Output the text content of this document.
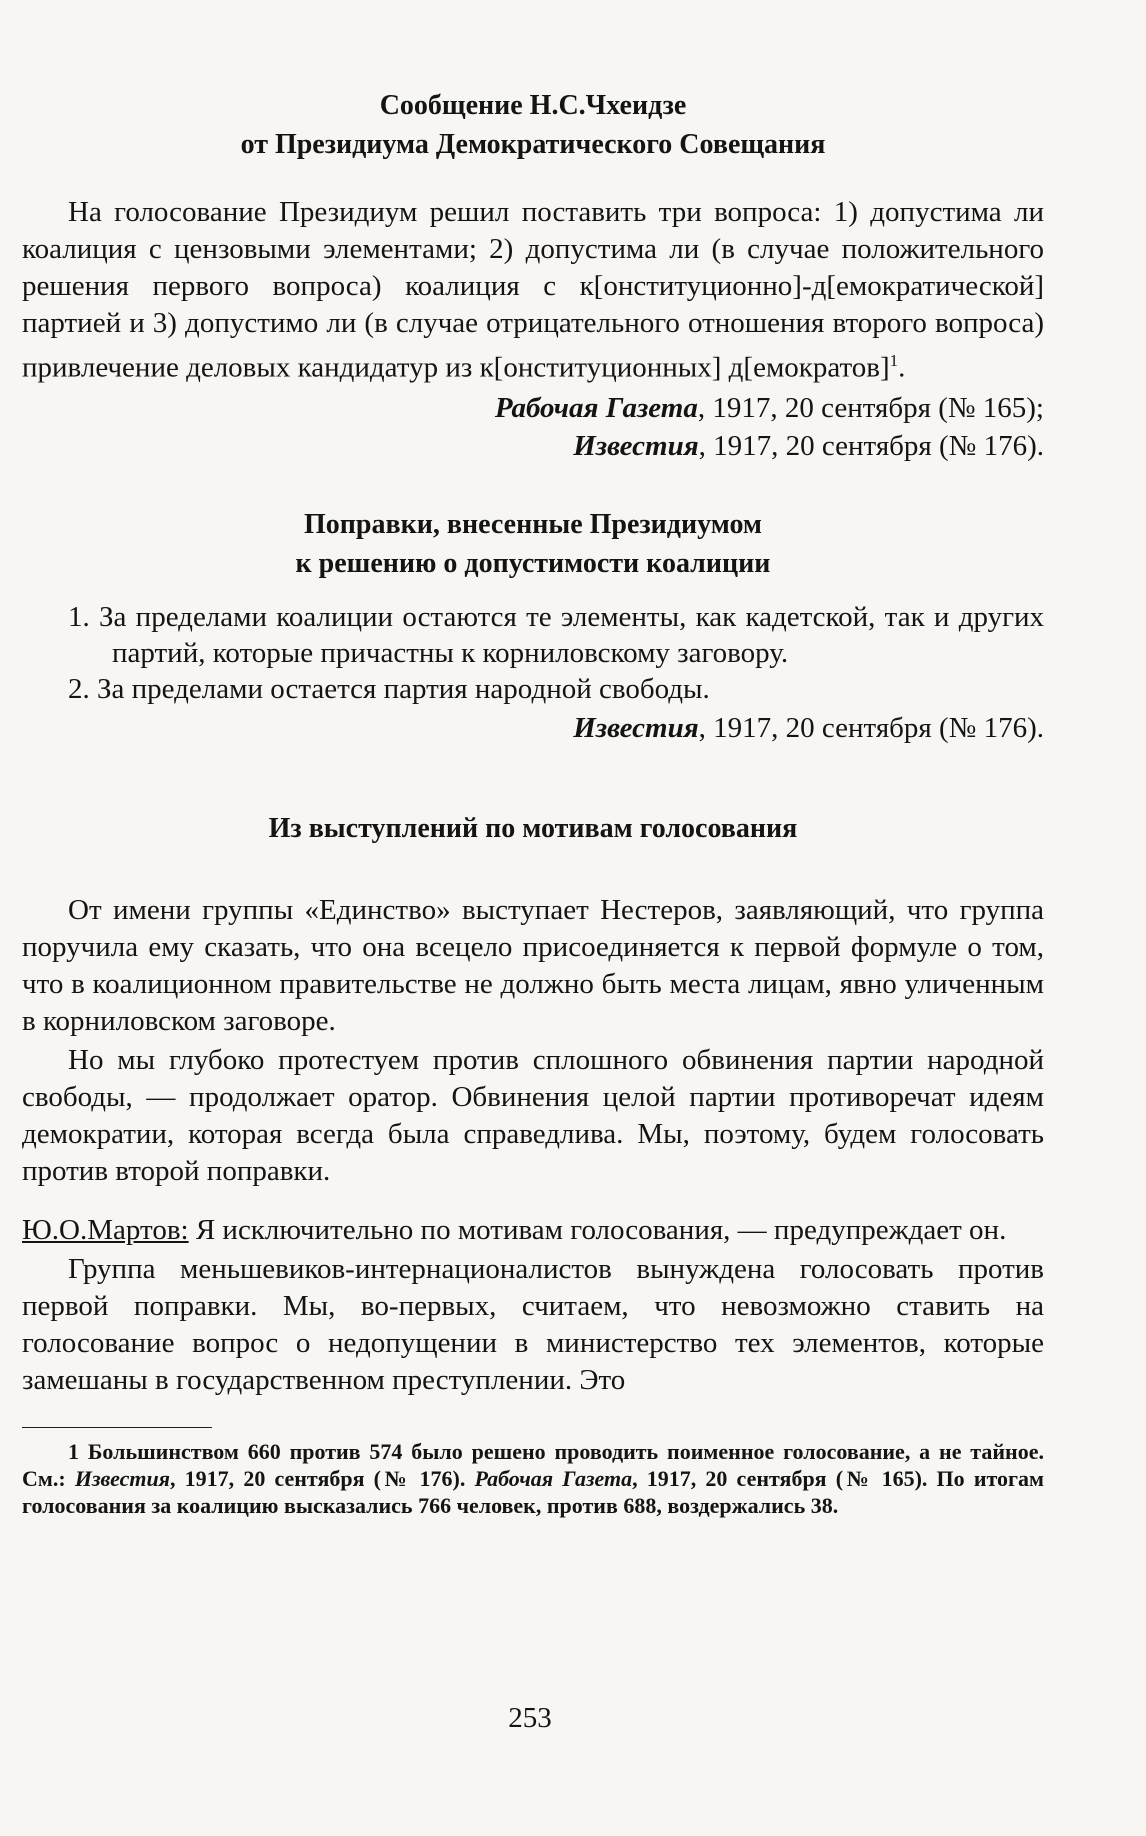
Сообщение Н.С.Чхеидзе
от Президиума Демократического Совещания

На голосование Президиум решил поставить три вопроса: 1) допустима ли коалиция с цензовыми элементами; 2) допустима ли (в случае положительного решения первого вопроса) коалиция с к[онституционно]-д[емократической] партией и 3) допустимо ли (в случае отрицательного отношения второго вопроса) привлечение деловых кандидатур из к[онституционных] д[емократов]$^1$.

Рабочая Газета, 1917, 20 сентября (№ 165);
Известия, 1917, 20 сентября (№ 176).
Поправки, внесенные Президиумом
к решению о допустимости коалиции
1. За пределами коалиции остаются те элементы, как кадетской, так и других партий, которые причастны к корниловскому заговору.
2. За пределами остается партия народной свободы.
Известия, 1917, 20 сентября (№ 176).
Из выступлений по мотивам голосования

От имени группы «Единство» выступает Нестеров, заявляющий, что группа поручила ему сказать, что она всецело присоединяется к первой формуле о том, что в коалиционном правительстве не должно быть места лицам, явно уличенным в корниловском заговоре.

Но мы глубоко протестуем против сплошного обвинения партии народной свободы, — продолжает оратор. Обвинения целой партии противоречат идеям демократии, которая всегда была справедлива. Мы, поэтому, будем голосовать против второй поправки.

Ю.О.Мартов: Я исключительно по мотивам голосования, — предупреждает он.

Группа меньшевиков-интернационалистов вынуждена голосовать против первой поправки. Мы, во-первых, считаем, что невозможно ставить на голосование вопрос о недопущении в министерство тех элементов, которые замешаны в государственном преступлении. Это

1 Большинством 660 против 574 было решено проводить поименное голосование, а не тайное. См.: Известия, 1917, 20 сентября (№ 176). Рабочая Газета, 1917, 20 сентября (№ 165). По итогам голосования за коалицию высказались 766 человек, против 688, воздержались 38.

253
